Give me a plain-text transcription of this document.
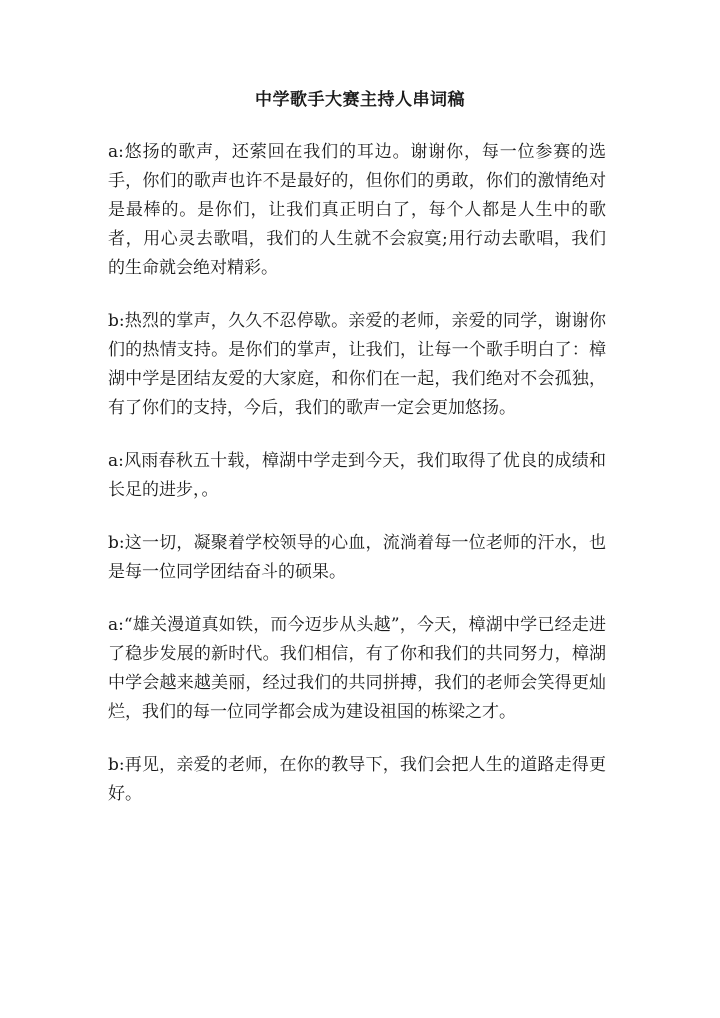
中学歌手大赛主持人串词稿

a:悠扬的歌声，还萦回在我们的耳边。谢谢你，每一位参赛的选手，你们的歌声也许不是最好的，但你们的勇敢，你们的激情绝对是最棒的。是你们，让我们真正明白了，每个人都是人生中的歌者，用心灵去歌唱，我们的人生就不会寂寞;用行动去歌唱，我们的生命就会绝对精彩。

b:热烈的掌声，久久不忍停歇。亲爱的老师，亲爱的同学，谢谢你们的热情支持。是你们的掌声，让我们，让每一个歌手明白了：樟湖中学是团结友爱的大家庭，和你们在一起，我们绝对不会孤独，有了你们的支持，今后，我们的歌声一定会更加悠扬。

a:风雨春秋五十载，樟湖中学走到今天，我们取得了优良的成绩和长足的进步，。

b:这一切，凝聚着学校领导的心血，流淌着每一位老师的汗水，也是每一位同学团结奋斗的硕果。

a:“雄关漫道真如铁，而今迈步从头越”，今天，樟湖中学已经走进了稳步发展的新时代。我们相信，有了你和我们的共同努力，樟湖中学会越来越美丽，经过我们的共同拼搏，我们的老师会笑得更灿烂，我们的每一位同学都会成为建设祖国的栋梁之才。

b:再见，亲爱的老师，在你的教导下，我们会把人生的道路走得更好。
